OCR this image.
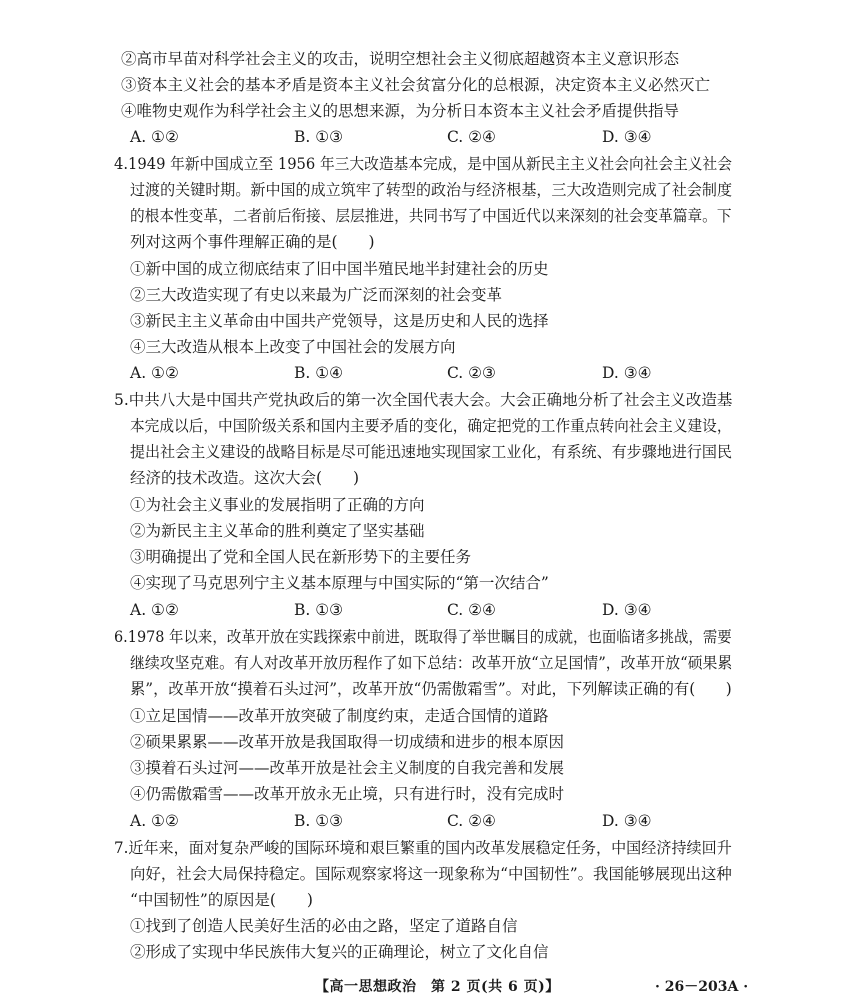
②高市早苗对科学社会主义的攻击，说明空想社会主义彻底超越资本主义意识形态
③资本主义社会的基本矛盾是资本主义社会贫富分化的总根源，决定资本主义必然灭亡
④唯物史观作为科学社会主义的思想来源，为分析日本资本主义社会矛盾提供指导
A. ①②	B. ①③	C. ②④	D. ③④
4.1949 年新中国成立至 1956 年三大改造基本完成，是中国从新民主主义社会向社会主义社会
过渡的关键时期。新中国的成立筑牢了转型的政治与经济根基，三大改造则完成了社会制度
的根本性变革，二者前后衔接、层层推进，共同书写了中国近代以来深刻的社会变革篇章。下
列对这两个事件理解正确的是(　　)
①新中国的成立彻底结束了旧中国半殖民地半封建社会的历史
②三大改造实现了有史以来最为广泛而深刻的社会变革
③新民主主义革命由中国共产党领导，这是历史和人民的选择
④三大改造从根本上改变了中国社会的发展方向
A. ①②	B. ①④	C. ②③	D. ③④
5.中共八大是中国共产党执政后的第一次全国代表大会。大会正确地分析了社会主义改造基
本完成以后，中国阶级关系和国内主要矛盾的变化，确定把党的工作重点转向社会主义建设，
提出社会主义建设的战略目标是尽可能迅速地实现国家工业化，有系统、有步骤地进行国民
经济的技术改造。这次大会(　　)
①为社会主义事业的发展指明了正确的方向
②为新民主主义革命的胜利奠定了坚实基础
③明确提出了党和全国人民在新形势下的主要任务
④实现了马克思列宁主义基本原理与中国实际的“第一次结合”
A. ①②	B. ①③	C. ②④	D. ③④
6.1978 年以来，改革开放在实践探索中前进，既取得了举世瞩目的成就，也面临诸多挑战，需要
继续攻坚克难。有人对改革开放历程作了如下总结：改革开放“立足国情”，改革开放“硕果累
累”，改革开放“摸着石头过河”，改革开放“仍需傲霜雪”。对此，下列解读正确的有(　　)
①立足国情——改革开放突破了制度约束，走适合国情的道路
②硕果累累——改革开放是我国取得一切成绩和进步的根本原因
③摸着石头过河——改革开放是社会主义制度的自我完善和发展
④仍需傲霜雪——改革开放永无止境，只有进行时，没有完成时
A. ①②	B. ①③	C. ②④	D. ③④
7.近年来，面对复杂严峻的国际环境和艰巨繁重的国内改革发展稳定任务，中国经济持续回升
向好，社会大局保持稳定。国际观察家将这一现象称为“中国韧性”。我国能够展现出这种
“中国韧性”的原因是(　　)
①找到了创造人民美好生活的必由之路，坚定了道路自信
②形成了实现中华民族伟大复兴的正确理论，树立了文化自信
【高一思想政治　第 2 页(共 6 页)】	· 26－203A ·
